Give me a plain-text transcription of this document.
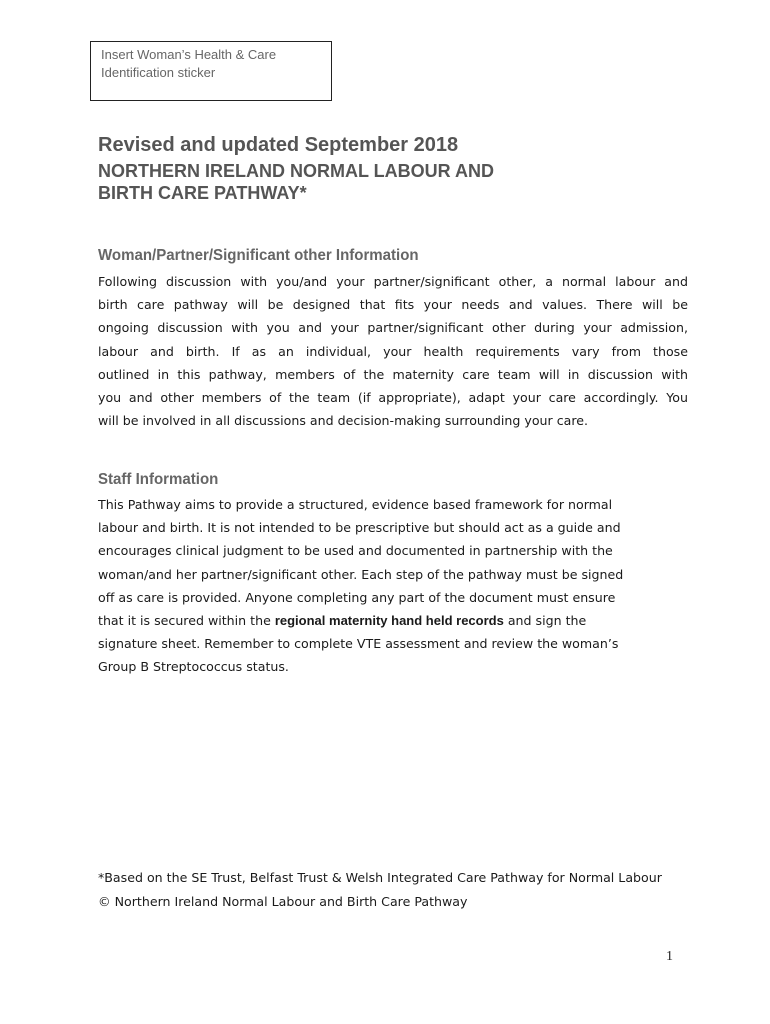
Insert Woman’s Health & Care
Identification sticker
Revised and updated September 2018
NORTHERN IRELAND NORMAL LABOUR AND
BIRTH CARE PATHWAY*
Woman/Partner/Significant other Information
Following discussion with you/and your partner/significant other, a normal labour and
birth care pathway will be designed that fits your needs and values. There will be
ongoing discussion with you and your partner/significant other during your admission,
labour and birth. If as an individual, your health requirements vary from those
outlined in this pathway, members of the maternity care team will in discussion with
you and other members of the team (if appropriate), adapt your care accordingly. You
will be involved in all discussions and decision-making surrounding your care.
Staff Information
This Pathway aims to provide a structured, evidence based framework for normal
labour and birth. It is not intended to be prescriptive but should act as a guide and
encourages clinical judgment to be used and documented in partnership with the
woman/and her partner/significant other. Each step of the pathway must be signed
off as care is provided. Anyone completing any part of the document must ensure
that it is secured within the regional maternity hand held records and sign the
signature sheet. Remember to complete VTE assessment and review the woman’s
Group B Streptococcus status.
*Based on the SE Trust, Belfast Trust & Welsh Integrated Care Pathway for Normal Labour
© Northern Ireland Normal Labour and Birth Care Pathway
1
